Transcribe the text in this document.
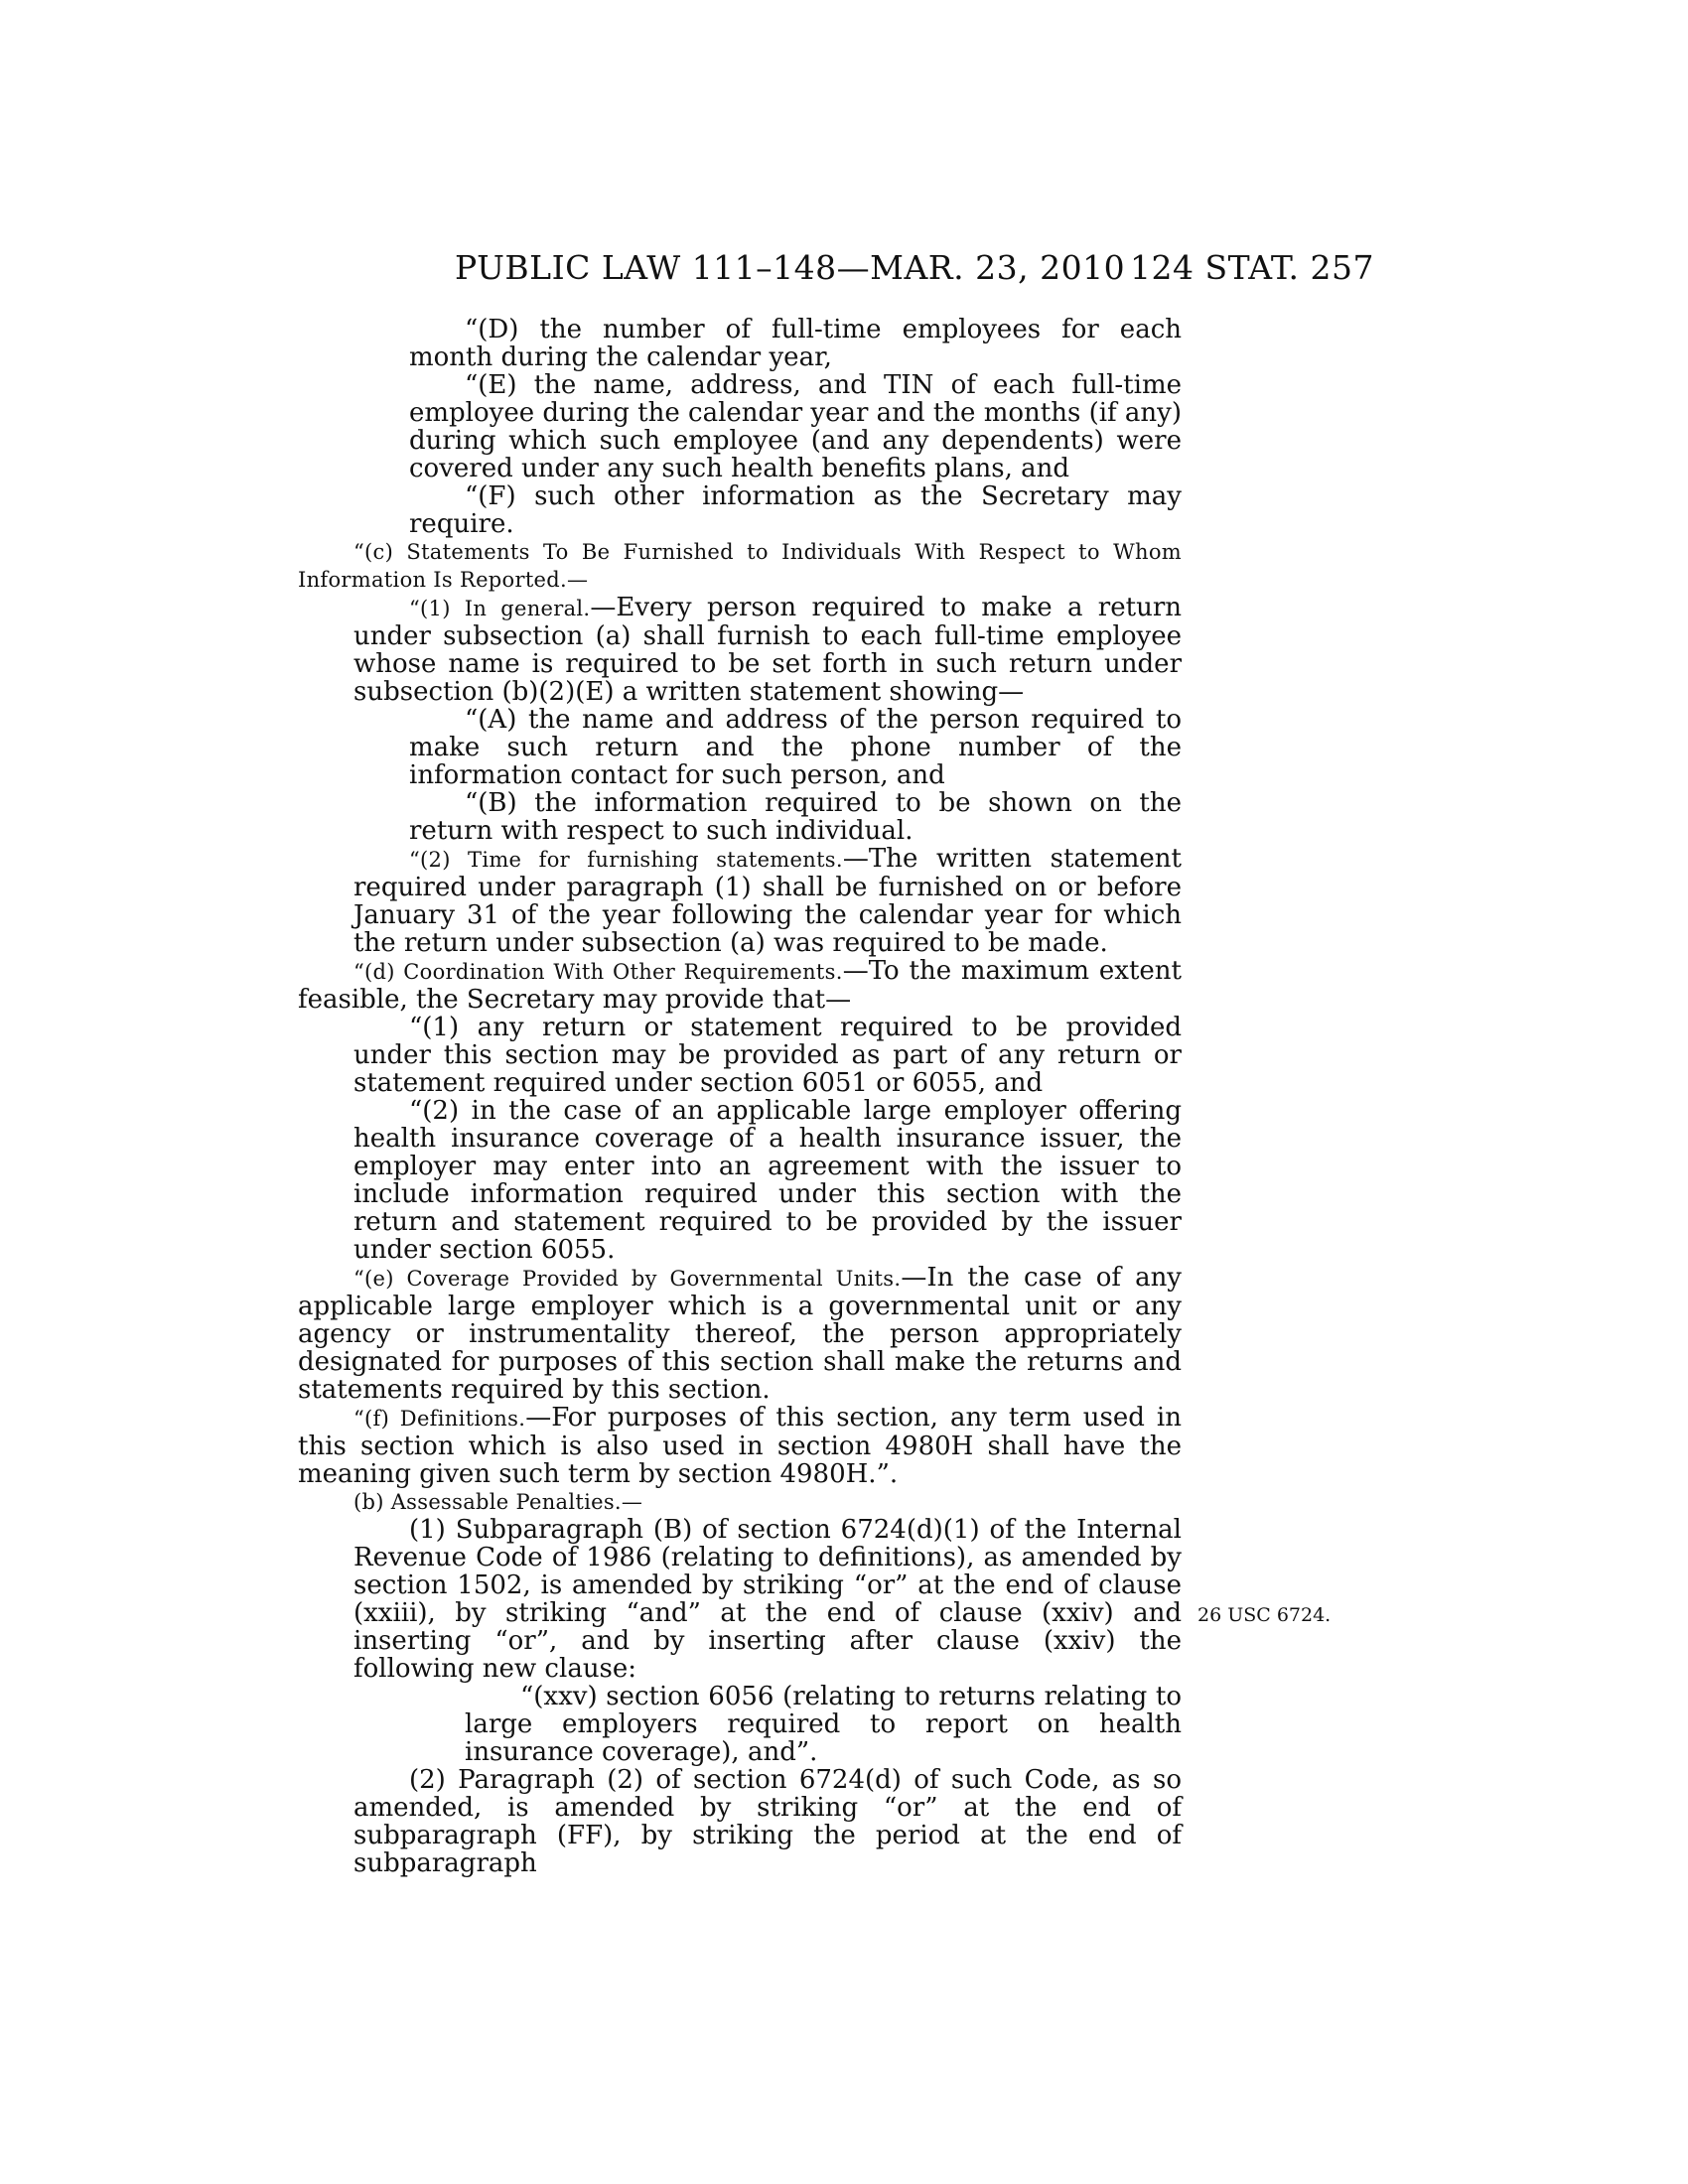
PUBLIC LAW 111–148—MAR. 23, 2010 124 STAT. 257
26 USC 6724.

“(D) the number of full-time employees for each month during the calendar year,

“(E) the name, address, and TIN of each full-time employee during the calendar year and the months (if any) during which such employee (and any dependents) were covered under any such health benefits plans, and

“(F) such other information as the Secretary may require.

“(c) Statements To Be Furnished to Individuals With Respect to Whom Information Is Reported.—

“(1) In general.—Every person required to make a return under subsection (a) shall furnish to each full-time employee whose name is required to be set forth in such return under subsection (b)(2)(E) a written statement showing—

“(A) the name and address of the person required to make such return and the phone number of the information contact for such person, and

“(B) the information required to be shown on the return with respect to such individual.

“(2) Time for furnishing statements.—The written statement required under paragraph (1) shall be furnished on or before January 31 of the year following the calendar year for which the return under subsection (a) was required to be made.

“(d) Coordination With Other Requirements.—To the maximum extent feasible, the Secretary may provide that—

“(1) any return or statement required to be provided under this section may be provided as part of any return or statement required under section 6051 or 6055, and

“(2) in the case of an applicable large employer offering health insurance coverage of a health insurance issuer, the employer may enter into an agreement with the issuer to include information required under this section with the return and statement required to be provided by the issuer under section 6055.

“(e) Coverage Provided by Governmental Units.—In the case of any applicable large employer which is a governmental unit or any agency or instrumentality thereof, the person appropriately designated for purposes of this section shall make the returns and statements required by this section.

“(f) Definitions.—For purposes of this section, any term used in this section which is also used in section 4980H shall have the meaning given such term by section 4980H.”.

(b) Assessable Penalties.—

(1) Subparagraph (B) of section 6724(d)(1) of the Internal Revenue Code of 1986 (relating to definitions), as amended by section 1502, is amended by striking “or” at the end of clause (xxiii), by striking “and” at the end of clause (xxiv) and inserting “or”, and by inserting after clause (xxiv) the following new clause:

“(xxv) section 6056 (relating to returns relating to large employers required to report on health insurance coverage), and”.

(2) Paragraph (2) of section 6724(d) of such Code, as so amended, is amended by striking “or” at the end of subparagraph (FF), by striking the period at the end of subparagraph
